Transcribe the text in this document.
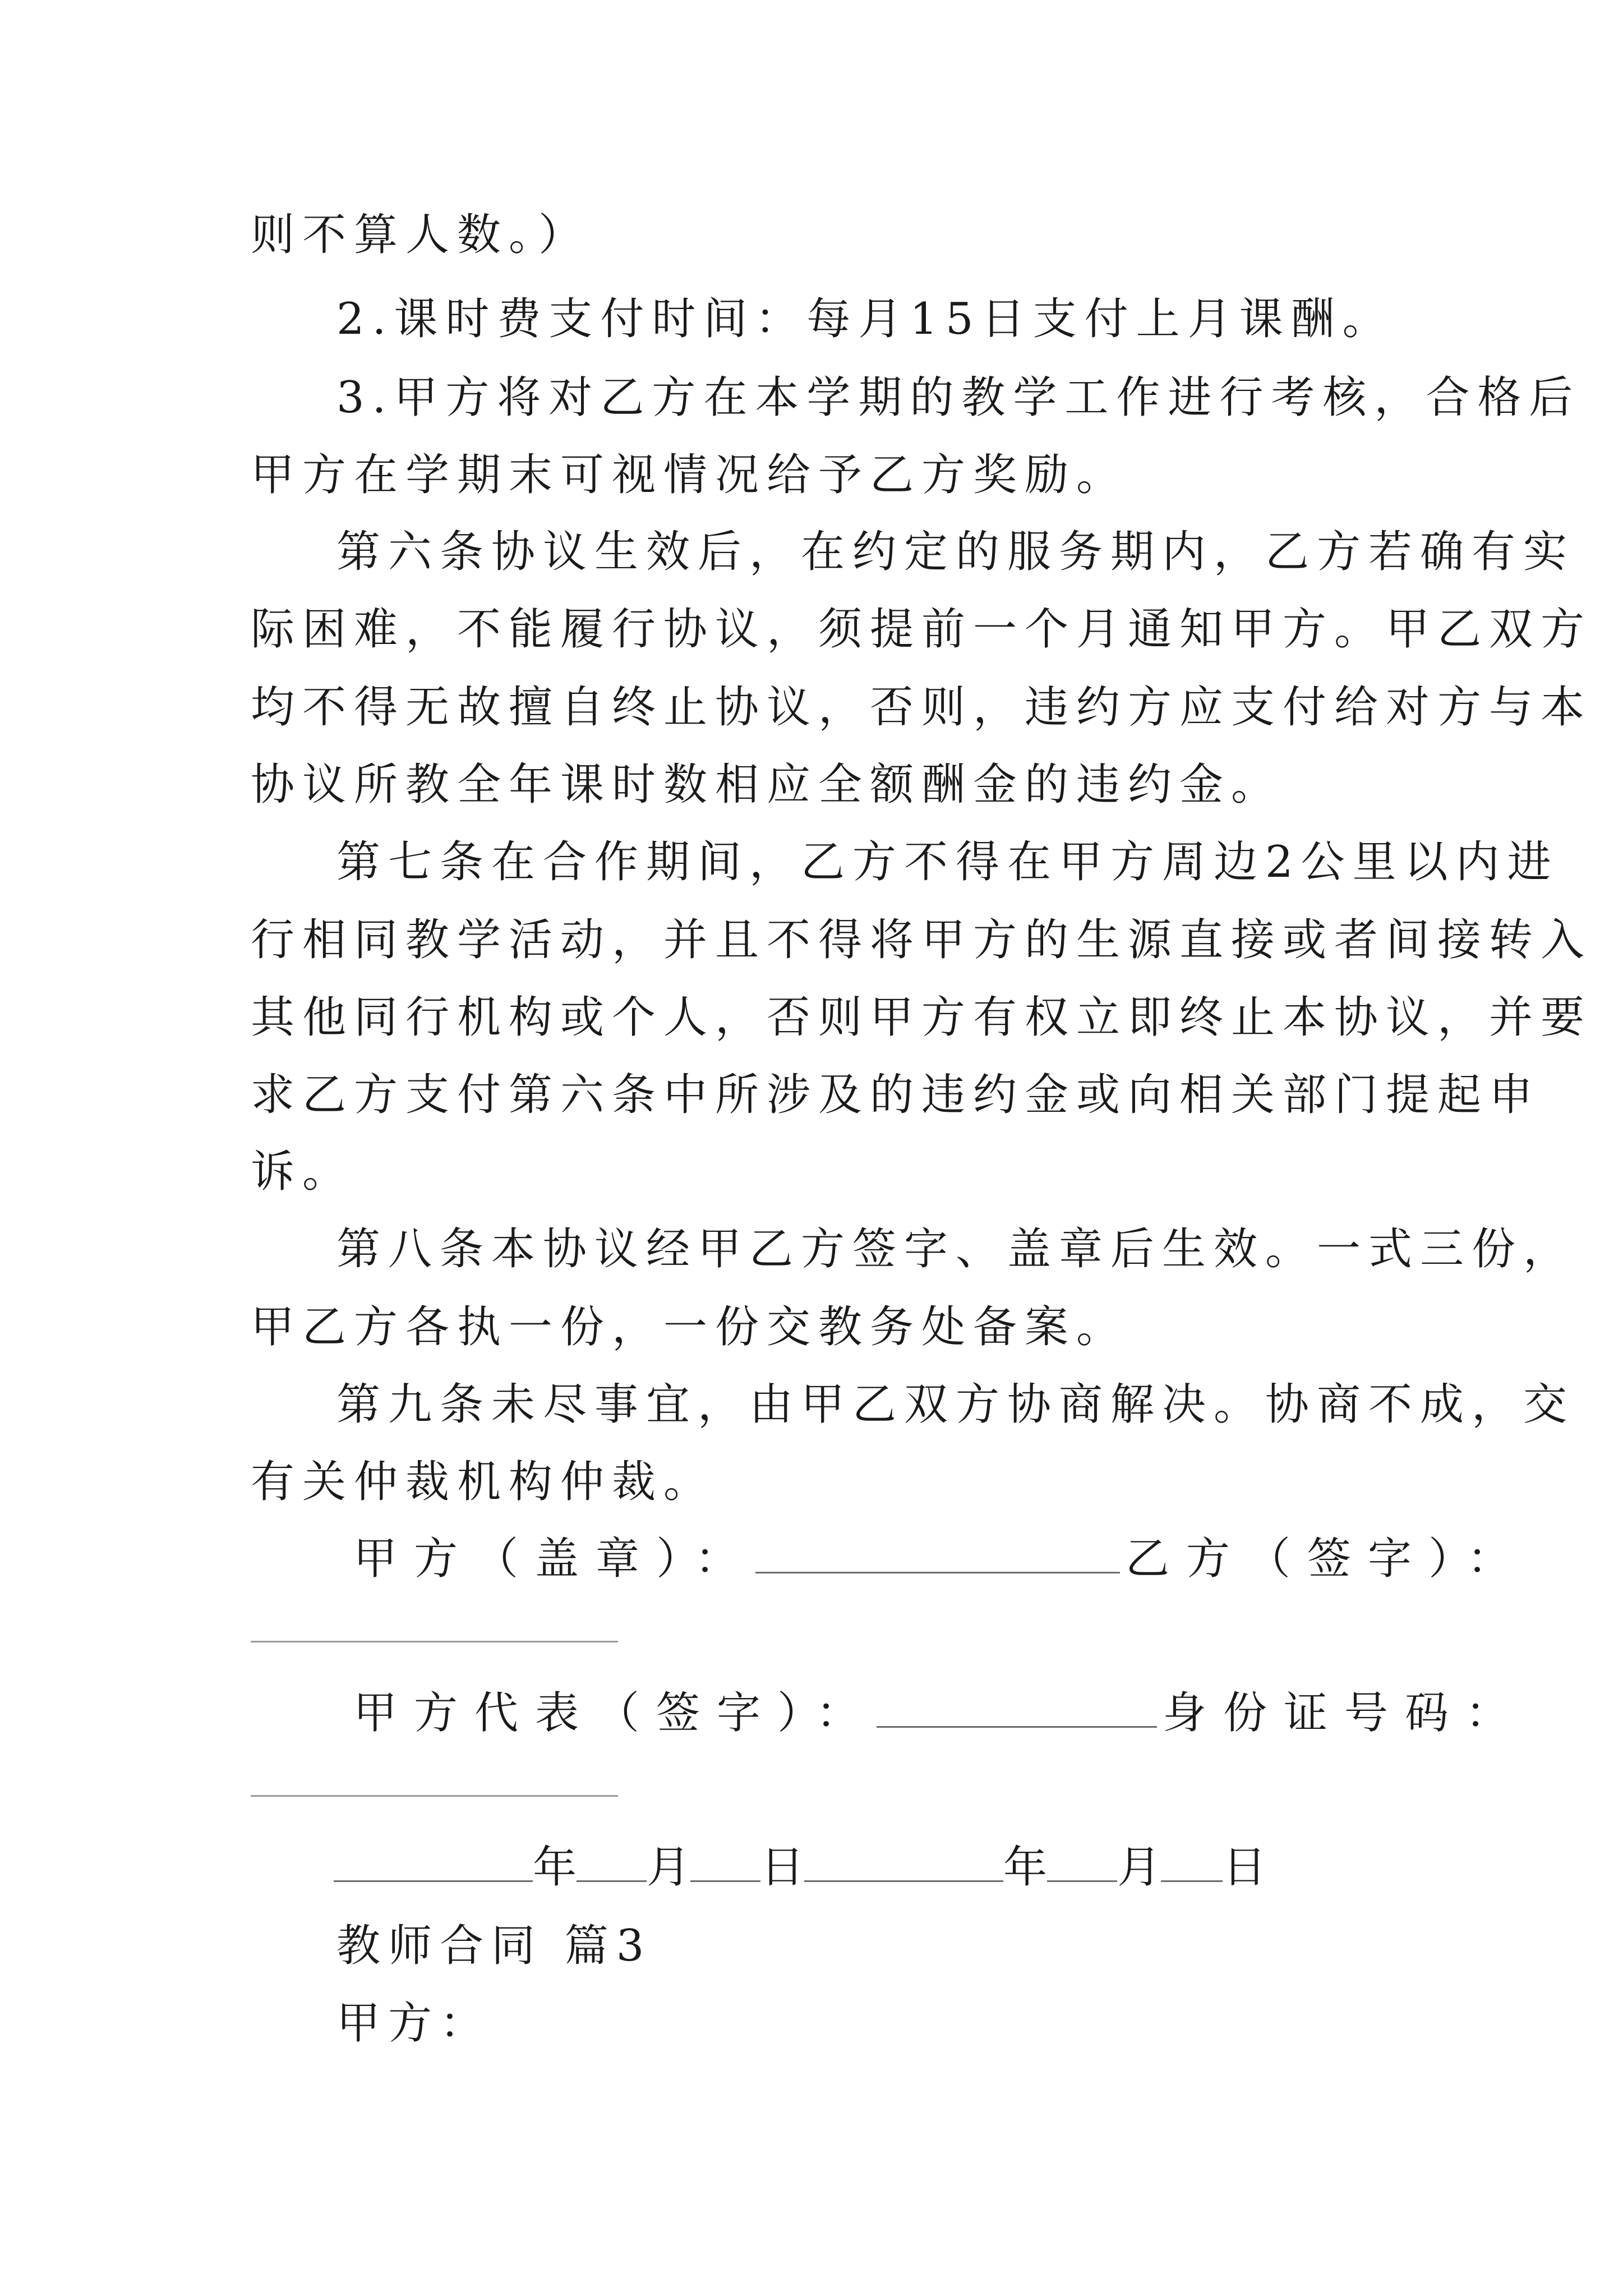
则不算人数。）
2.课时费支付时间：每月15日支付上月课酬。
3.甲方将对乙方在本学期的教学工作进行考核，合格后
甲方在学期末可视情况给予乙方奖励。
第六条协议生效后，在约定的服务期内，乙方若确有实
际困难，不能履行协议，须提前一个月通知甲方。甲乙双方
均不得无故擅自终止协议，否则，违约方应支付给对方与本
协议所教全年课时数相应全额酬金的违约金。
第七条在合作期间，乙方不得在甲方周边2公里以内进
行相同教学活动，并且不得将甲方的生源直接或者间接转入
其他同行机构或个人，否则甲方有权立即终止本协议，并要
求乙方支付第六条中所涉及的违约金或向相关部门提起申
诉。
第八条本协议经甲乙方签字、盖章后生效。一式三份，
甲乙方各执一份，一份交教务处备案。
第九条未尽事宜，由甲乙双方协商解决。协商不成，交
有关仲裁机构仲裁。
甲方（盖章）：	乙方（签字）：
甲方代表（签字）：	身份证号码：
年 月 日	年 月 日
教师合同 篇3
甲方：
